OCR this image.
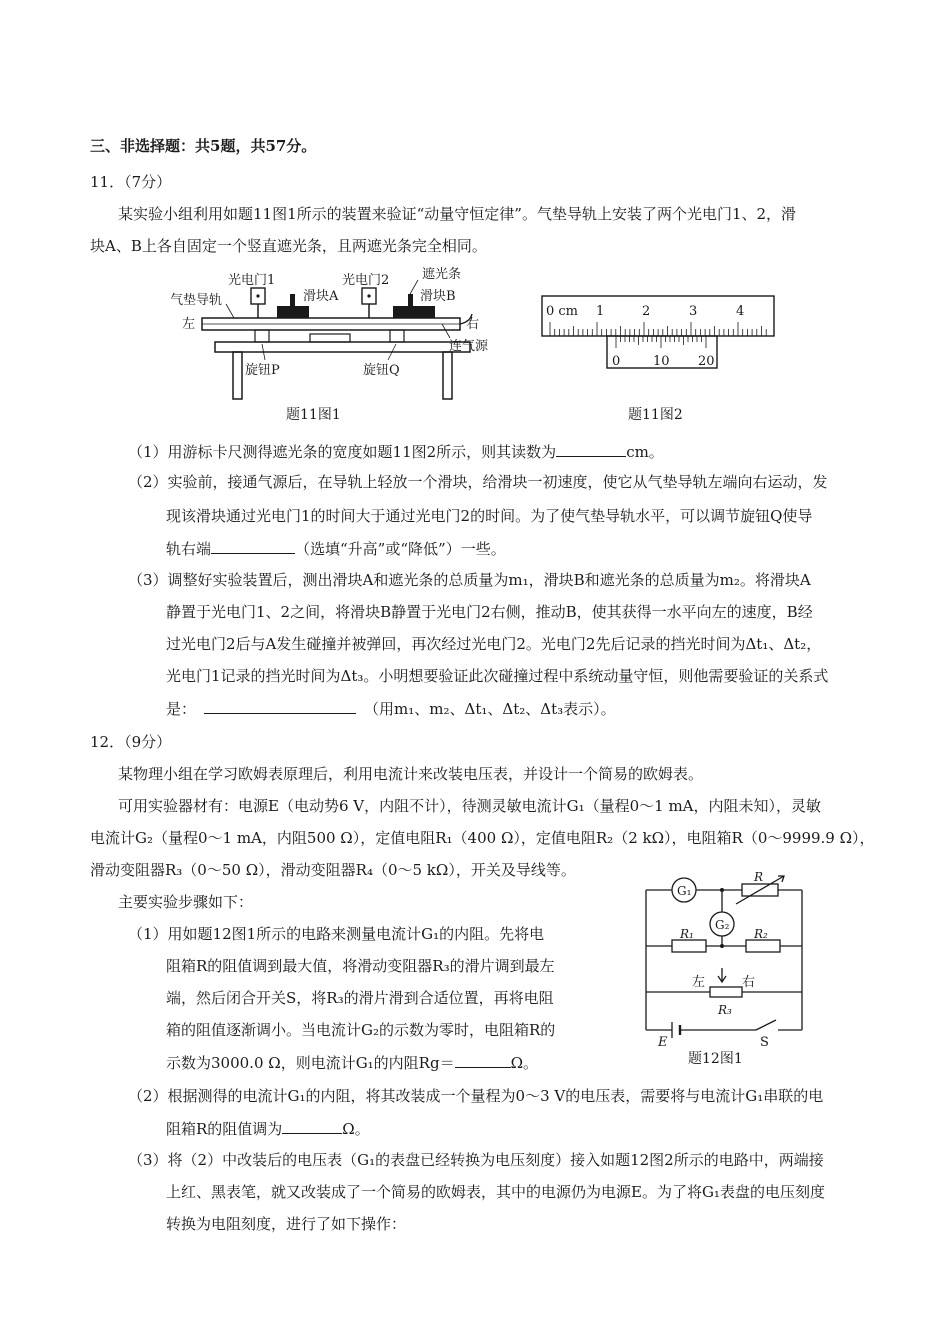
三、非选择题：共5题，共57分。
11．（7分）
某实验小组利用如题11图1所示的装置来验证“动量守恒定律”。气垫导轨上安装了两个光电门1、2，滑
块A、B上各自固定一个竖直遮光条，且两遮光条完全相同。
光电门1	光电门2	遮光条
气垫导轨	滑块A	滑块B
左	右
连气源
旋钮P	旋钮Q
题11图1
0 cm 1	2	3	4
0	10 20
题11图2
（1）用游标卡尺测得遮光条的宽度如题11图2所示，则其读数为	cm。
（2）实验前，接通气源后，在导轨上轻放一个滑块，给滑块一初速度，使它从气垫导轨左端向右运动，发
现该滑块通过光电门1的时间大于通过光电门2的时间。为了使气垫导轨水平，可以调节旋钮Q使导
轨右端	（选填“升高”或“降低”）一些。
（3）调整好实验装置后，测出滑块A和遮光条的总质量为m₁，滑块B和遮光条的总质量为m₂。将滑块A
静置于光电门1、2之间，将滑块B静置于光电门2右侧，推动B，使其获得一水平向左的速度，B经
过光电门2后与A发生碰撞并被弹回，再次经过光电门2。光电门2先后记录的挡光时间为Δt₁、Δt₂，
光电门1记录的挡光时间为Δt₃。小明想要验证此次碰撞过程中系统动量守恒，则他需要验证的关系式
是：	（用m₁、m₂、Δt₁、Δt₂、Δt₃表示）。
12．（9分）
某物理小组在学习欧姆表原理后，利用电流计来改装电压表，并设计一个简易的欧姆表。
可用实验器材有：电源E（电动势6 V，内阻不计），待测灵敏电流计G₁（量程0～1 mA，内阻未知），灵敏
电流计G₂（量程0～1 mA，内阻500 Ω），定值电阻R₁（400 Ω），定值电阻R₂（2 kΩ），电阻箱R（0～9999.9 Ω），
滑动变阻器R₃（0～50 Ω），滑动变阻器R₄（0～5 kΩ），开关及导线等。
主要实验步骤如下：
（1）用如题12图1所示的电路来测量电流计G₁的内阻。先将电
阻箱R的阻值调到最大值，将滑动变阻器R₃的滑片调到最左
端，然后闭合开关S，将R₃的滑片滑到合适位置，再将电阻
箱的阻值逐渐调小。当电流计G₂的示数为零时，电阻箱R的
示数为3000.0 Ω，则电流计G₁的内阻Rg＝	Ω。
G₁
G₂
R
R₁	R₂
R₃
左	右
E	S
题12图1
（2）根据测得的电流计G₁的内阻，将其改装成一个量程为0～3 V的电压表，需要将与电流计G₁串联的电
阻箱R的阻值调为	Ω。
（3）将（2）中改装后的电压表（G₁的表盘已经转换为电压刻度）接入如题12图2所示的电路中，两端接
上红、黑表笔，就又改装成了一个简易的欧姆表，其中的电源仍为电源E。为了将G₁表盘的电压刻度
转换为电阻刻度，进行了如下操作：
